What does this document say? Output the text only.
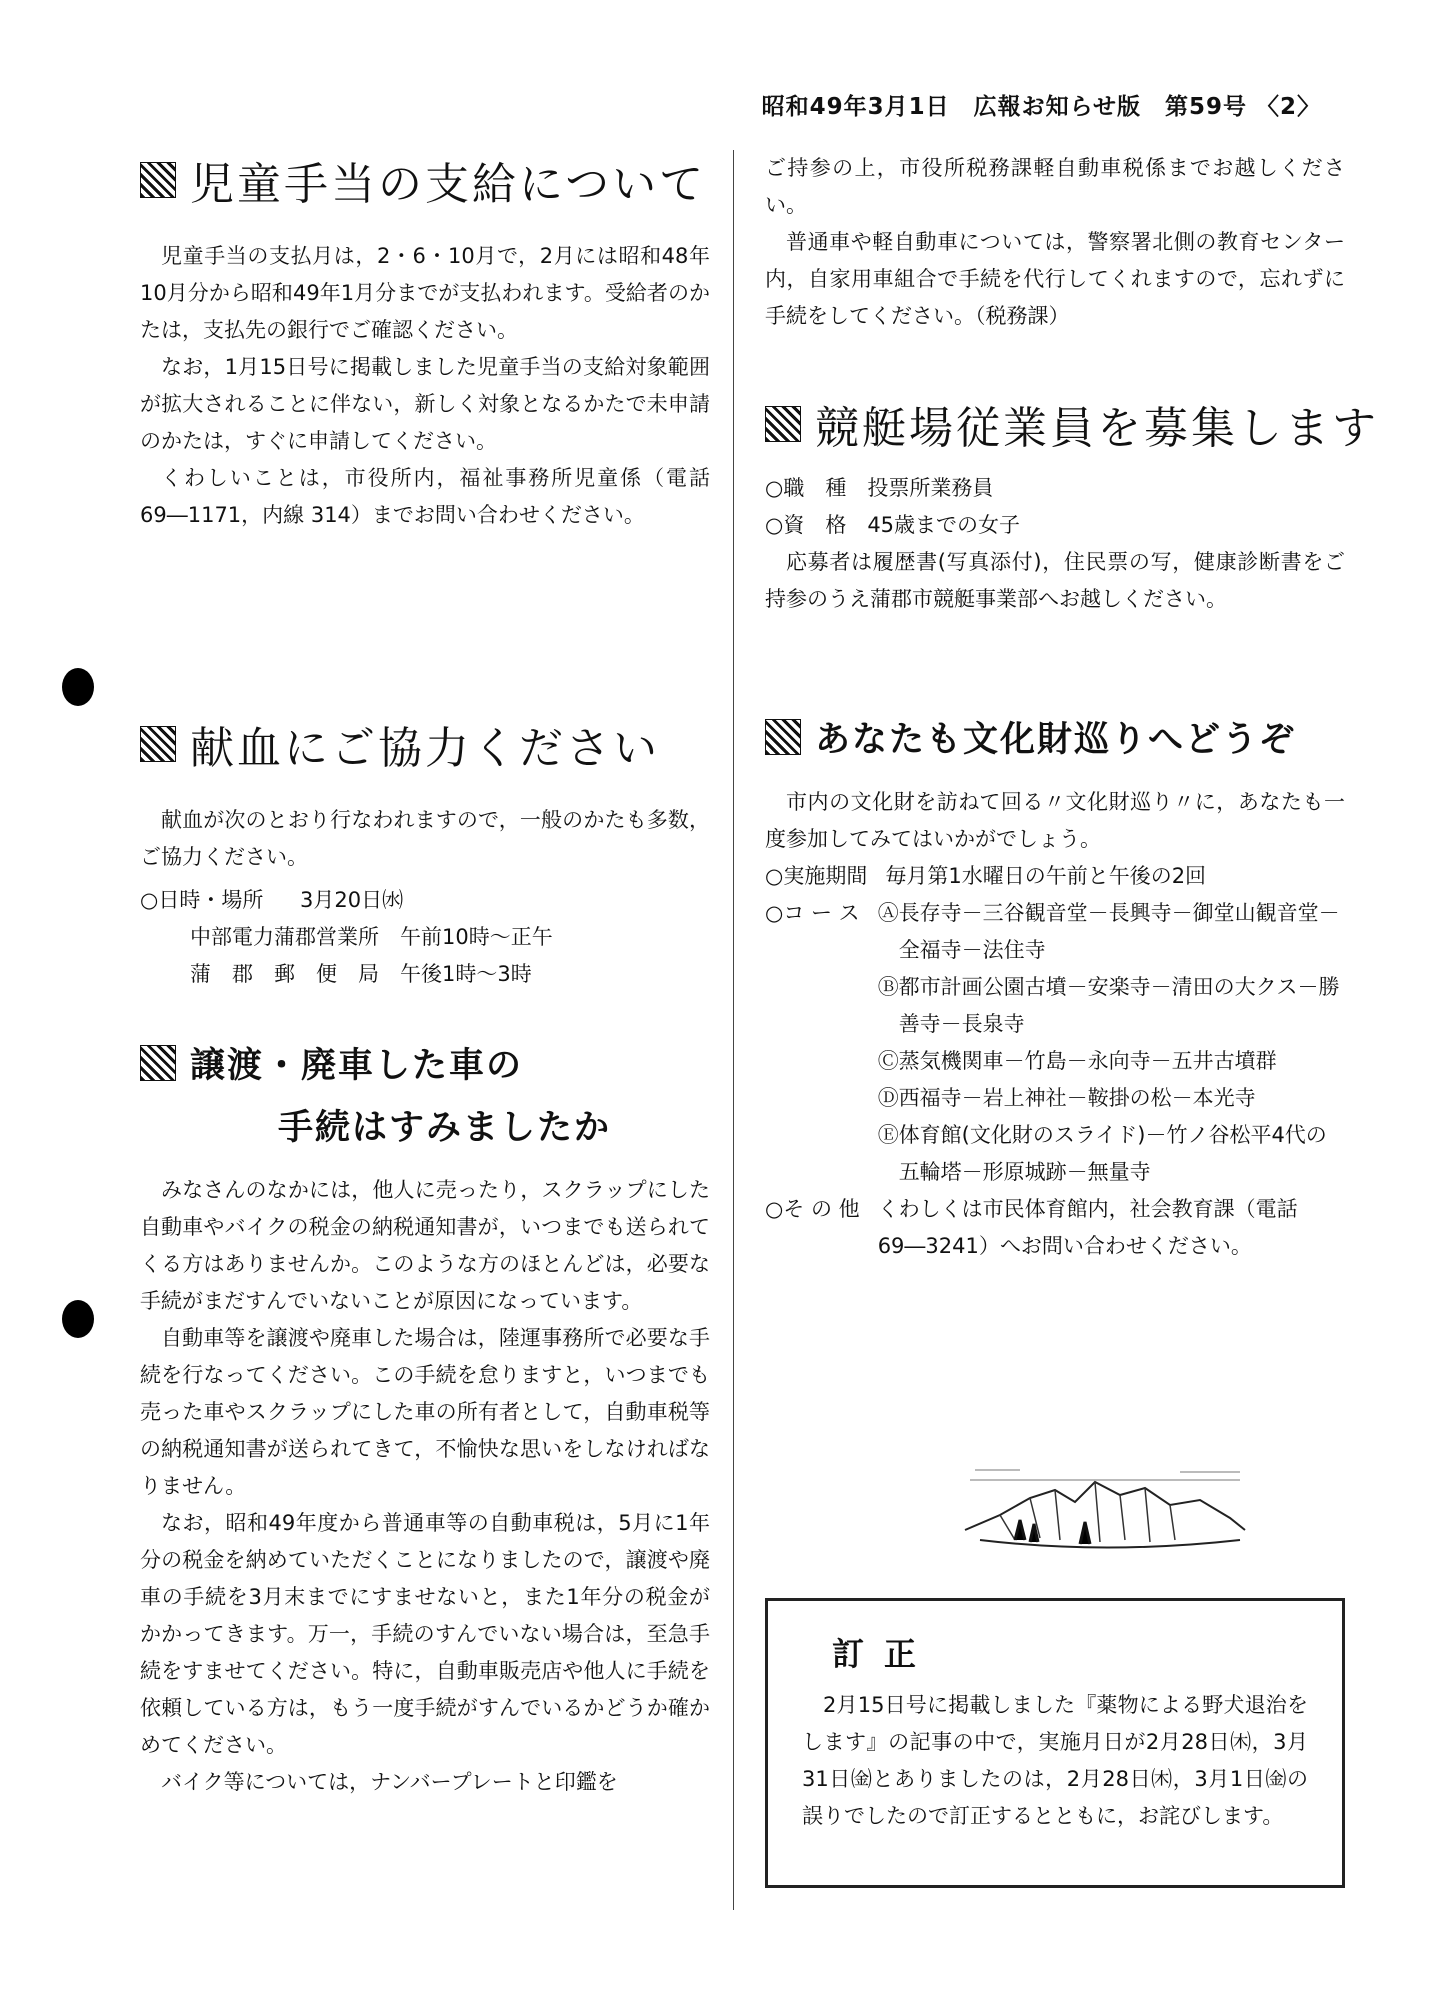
昭和49年3月1日　広報お知らせ版　第59号 〈2〉
児童手当の支給について

児童手当の支払月は，2・6・10月で，2月には昭和48年10月分から昭和49年1月分までが支払われます。受給者のかたは，支払先の銀行でご確認ください。

なお，1月15日号に掲載しました児童手当の支給対象範囲が拡大されることに伴ない，新しく対象となるかたで未申請のかたは，すぐに申請してください。

くわしいことは，市役所内，福祉事務所児童係（電話 69―1171，内線 314）までお問い合わせください。

献血にご協力ください

献血が次のとおり行なわれますので，一般のかたも多数，ご協力ください。

○日時・場所 3月20日㈬

中部電力蒲郡営業所　午前10時～正午

蒲　郡　郵　便　局　午後1時～3時

譲渡・廃車した車の
手続はすみましたか

みなさんのなかには，他人に売ったり，スクラップにした自動車やバイクの税金の納税通知書が，いつまでも送られてくる方はありませんか。このような方のほとんどは，必要な手続がまだすんでいないことが原因になっています。

自動車等を譲渡や廃車した場合は，陸運事務所で必要な手続を行なってください。この手続を怠りますと，いつまでも売った車やスクラップにした車の所有者として，自動車税等の納税通知書が送られてきて，不愉快な思いをしなければなりません。

なお，昭和49年度から普通車等の自動車税は，5月に1年分の税金を納めていただくことになりましたので，譲渡や廃車の手続を3月末までにすませないと，また1年分の税金がかかってきます。万一，手続のすんでいない場合は，至急手続をすませてください。特に，自動車販売店や他人に手続を依頼している方は，もう一度手続がすんでいるかどうか確かめてください。

バイク等については，ナンバープレートと印鑑を

ご持参の上，市役所税務課軽自動車税係までお越しください。

普通車や軽自動車については，警察署北側の教育センター内，自家用車組合で手続を代行してくれますので，忘れずに手続をしてください。（税務課）

競艇場従業員を募集します

○職　種　投票所業務員

○資　格　45歳までの女子

応募者は履歴書(写真添付)，住民票の写，健康診断書をご持参のうえ蒲郡市競艇事業部へお越しください。

あなたも文化財巡りへどうぞ

市内の文化財を訪ねて回る〃文化財巡り〃に，あなたも一度参加してみてはいかがでしょう。

○実施期間 毎月第1水曜日の午前と午後の2回
○コ ー ス Ⓐ長存寺－三谷観音堂－長興寺－御堂山観音堂－全福寺－法住寺
Ⓑ都市計画公園古墳－安楽寺－清田の大クス－勝善寺－長泉寺
Ⓒ蒸気機関車－竹島－永向寺－五井古墳群
Ⓓ西福寺－岩上神社－鞍掛の松－本光寺
Ⓔ体育館(文化財のスライド)－竹ノ谷松平4代の五輪塔－形原城跡－無量寺
○そ の 他 くわしくは市民体育館内，社会教育課（電話69―3241）へお問い合わせください。
訂正

2月15日号に掲載しました『薬物による野犬退治をします』の記事の中で，実施月日が2月28日㈭，3月31日㈮とありましたのは，2月28日㈭，3月1日㈮の誤りでしたので訂正するとともに，お詫びします。
